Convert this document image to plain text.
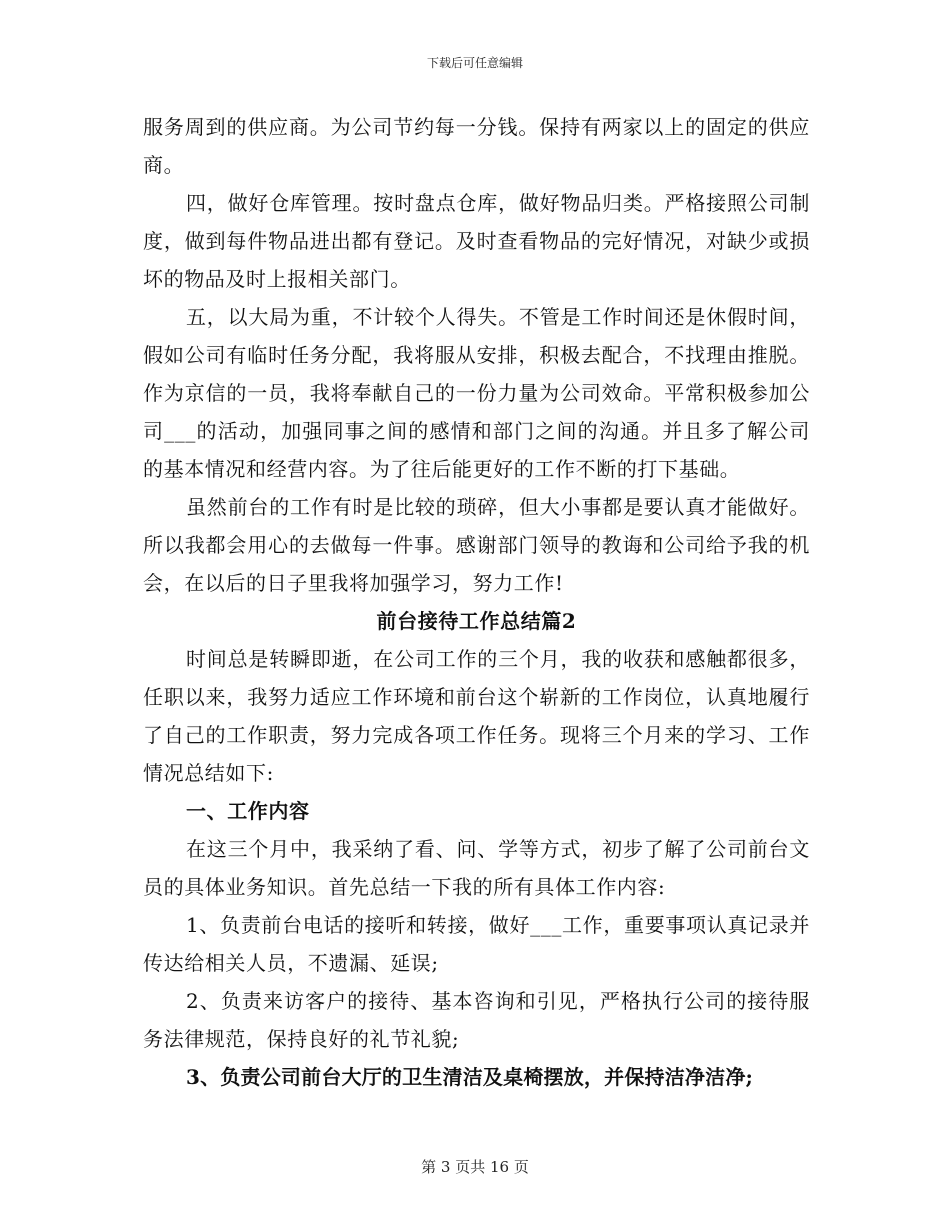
下载后可任意编辑

服务周到的供应商。为公司节约每一分钱。保持有两家以上的固定的供应商。

四，做好仓库管理。按时盘点仓库，做好物品归类。严格接照公司制度，做到每件物品进出都有登记。及时查看物品的完好情况，对缺少或损坏的物品及时上报相关部门。

五，以大局为重，不计较个人得失。不管是工作时间还是休假时间，假如公司有临时任务分配，我将服从安排，积极去配合，不找理由推脱。作为京信的一员，我将奉献自己的一份力量为公司效命。平常积极参加公司___的活动，加强同事之间的感情和部门之间的沟通。并且多了解公司的基本情况和经营内容。为了往后能更好的工作不断的打下基础。

虽然前台的工作有时是比较的琐碎，但大小事都是要认真才能做好。所以我都会用心的去做每一件事。感谢部门领导的教诲和公司给予我的机会，在以后的日子里我将加强学习，努力工作!

前台接待工作总结篇2

时间总是转瞬即逝，在公司工作的三个月，我的收获和感触都很多，任职以来，我努力适应工作环境和前台这个崭新的工作岗位，认真地履行了自己的工作职责，努力完成各项工作任务。现将三个月来的学习、工作情况总结如下:

一、工作内容

在这三个月中，我采纳了看、问、学等方式，初步了解了公司前台文员的具体业务知识。首先总结一下我的所有具体工作内容:

1、负责前台电话的接听和转接，做好___工作，重要事项认真记录并传达给相关人员，不遗漏、延误;

2、负责来访客户的接待、基本咨询和引见，严格执行公司的接待服务法律规范，保持良好的礼节礼貌;

3、负责公司前台大厅的卫生清洁及桌椅摆放，并保持洁净洁净;

第 3 页共 16 页
